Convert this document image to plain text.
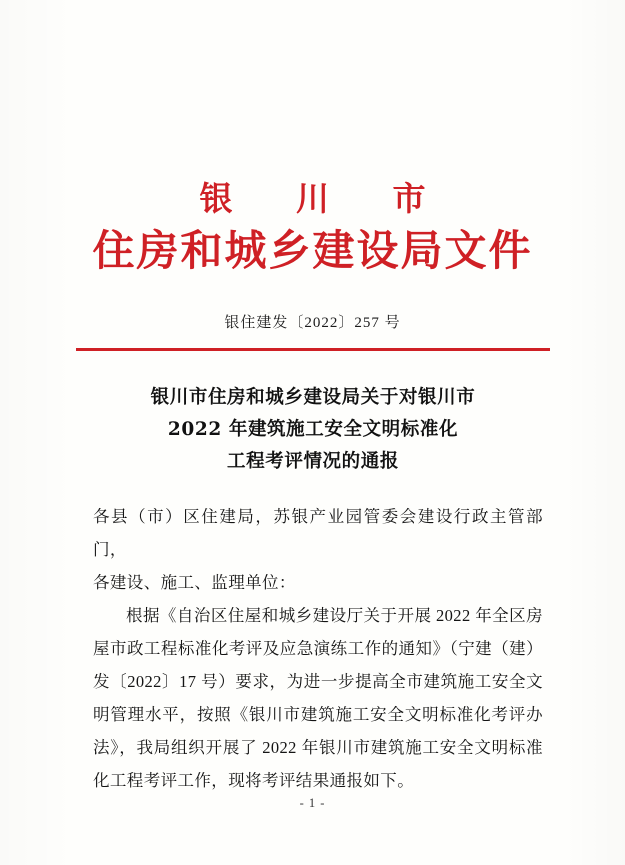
银 川 市
住房和城乡建设局文件
银住建发〔2022〕257 号
银川市住房和城乡建设局关于对银川市
2022 年建筑施工安全文明标准化
工程考评情况的通报

各县（市）区住建局，苏银产业园管委会建设行政主管部门，

各建设、施工、监理单位：

根据《自治区住屋和城乡建设厅关于开展 2022 年全区房屋市政工程标准化考评及应急演练工作的通知》（宁建（建）发〔2022〕17 号）要求，为进一步提高全市建筑施工安全文明管理水平，按照《银川市建筑施工安全文明标准化考评办法》，我局组织开展了 2022 年银川市建筑施工安全文明标准化工程考评工作，现将考评结果通报如下。

- 1 -
